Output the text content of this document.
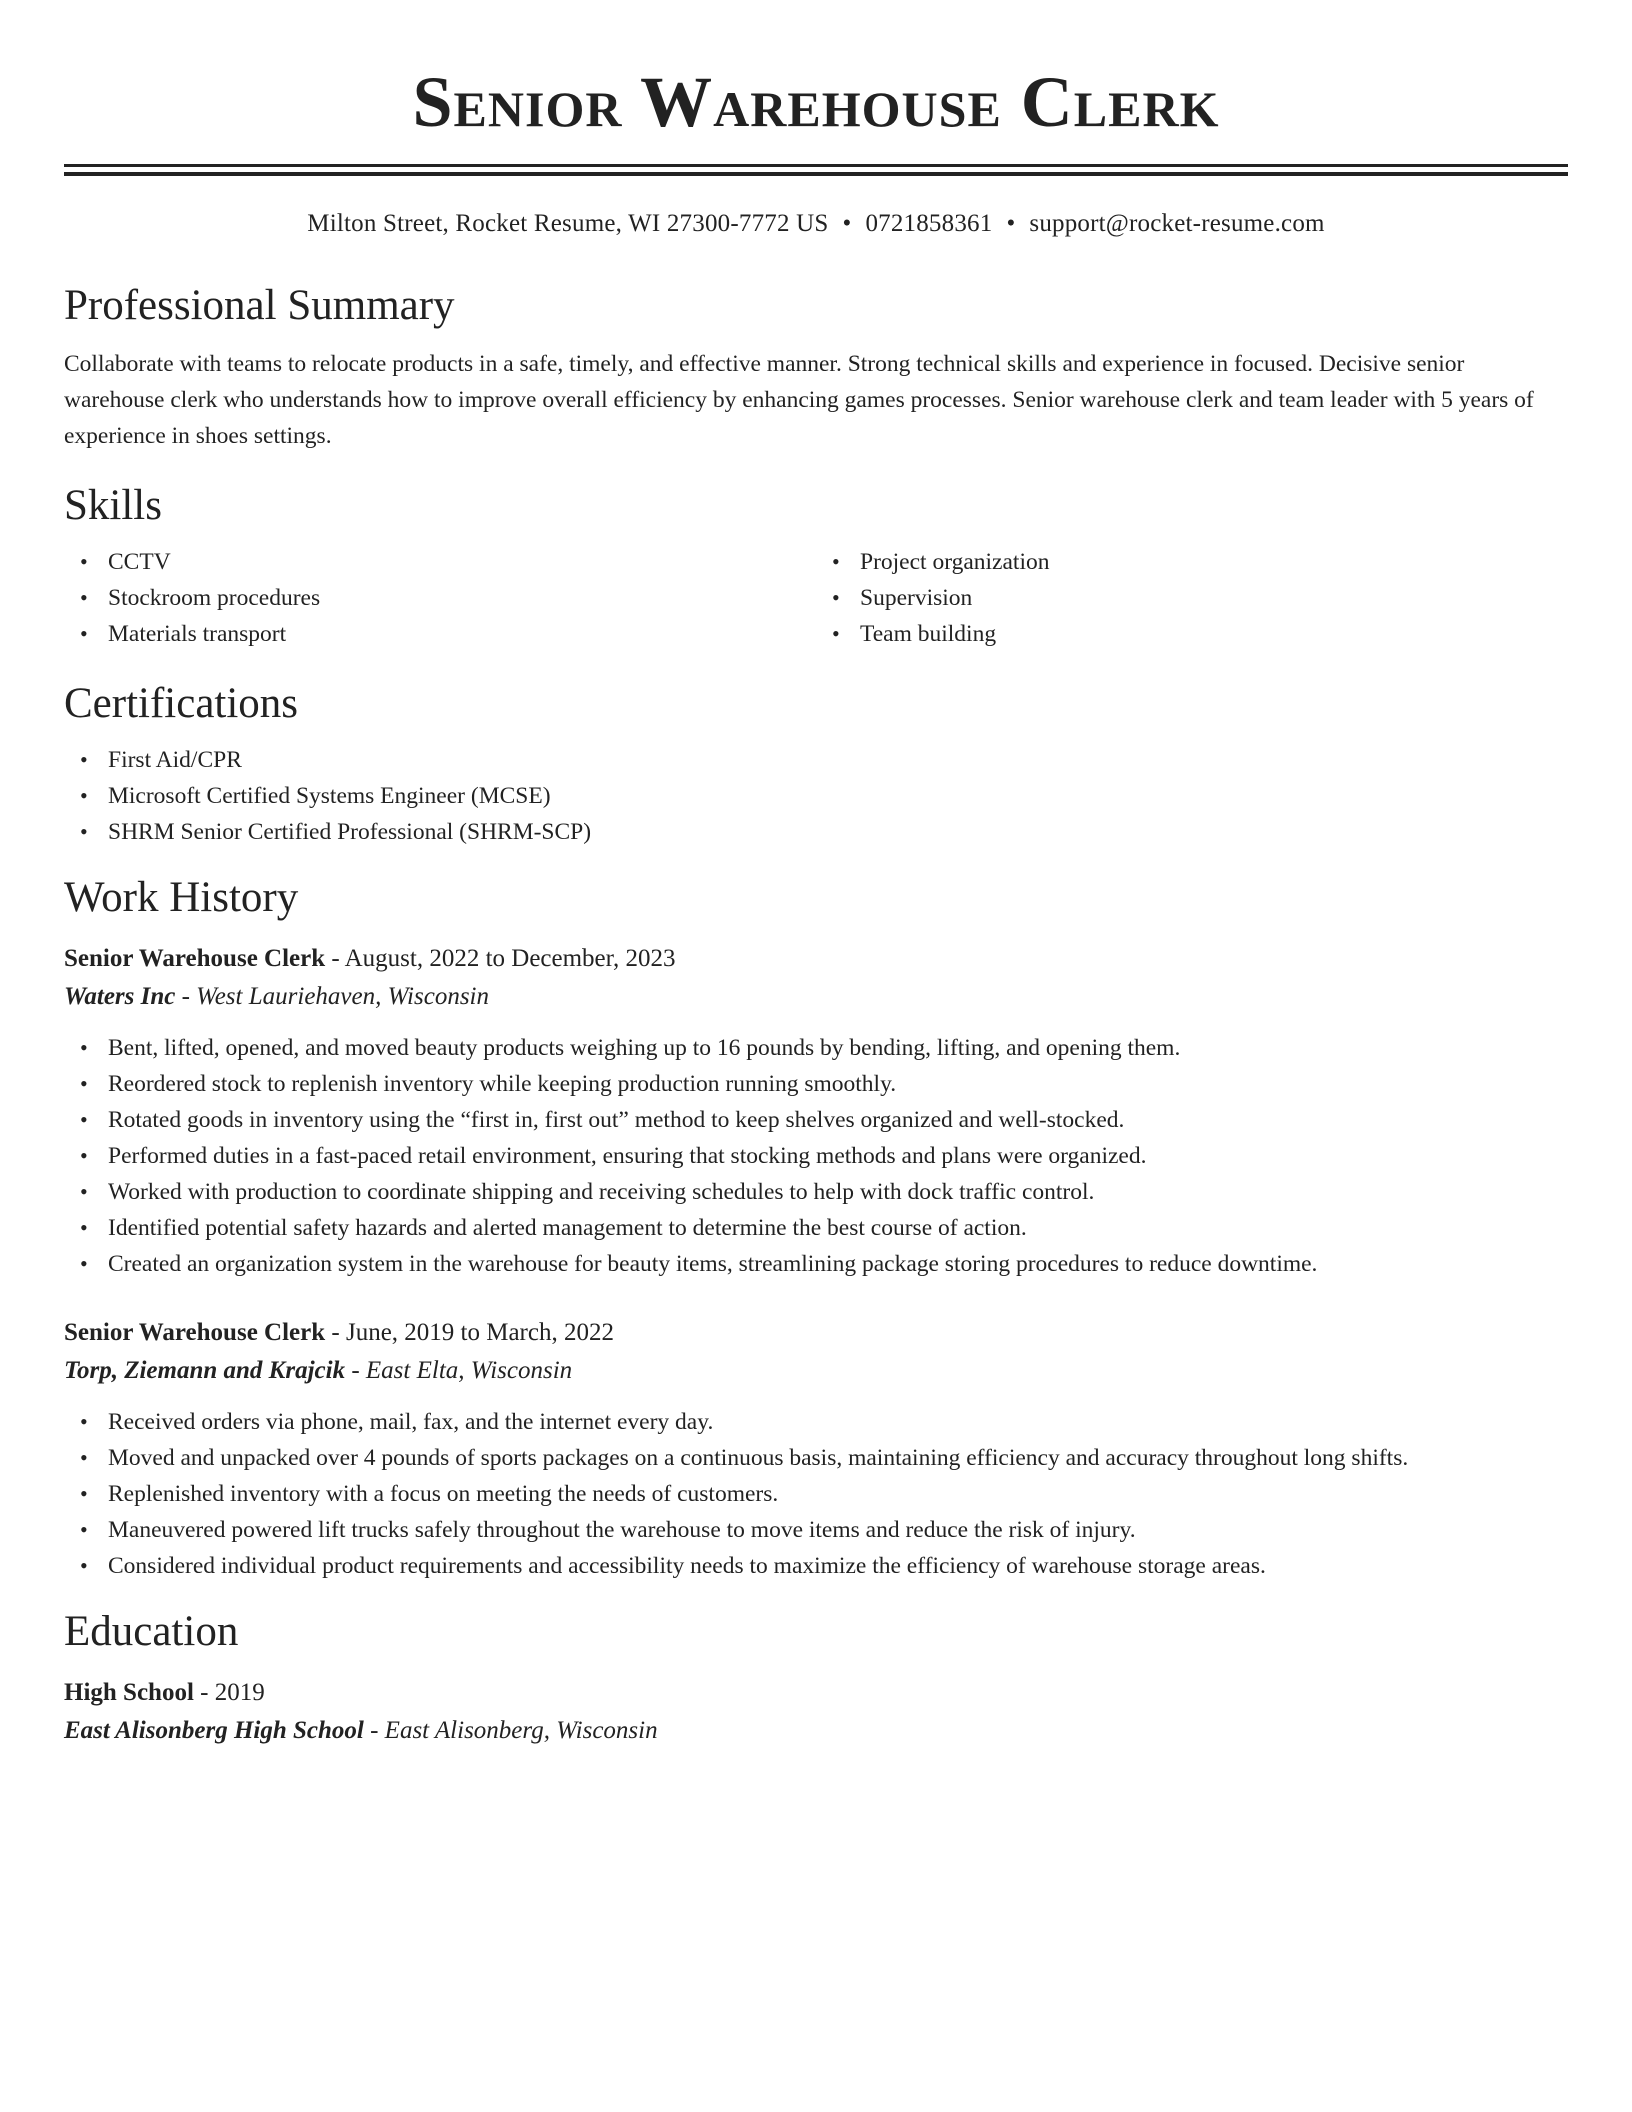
Senior Warehouse Clerk
Milton Street, Rocket Resume, WI 27300-7772 US • 0721858361 • support@rocket-resume.com
Professional Summary

Collaborate with teams to relocate products in a safe, timely, and effective manner. Strong technical skills and experience in focused. Decisive senior warehouse clerk who understands how to improve overall efficiency by enhancing games processes. Senior warehouse clerk and team leader with 5 years of experience in shoes settings.

Skills
• CCTV
• Stockroom procedures
• Materials transport
• Project organization
• Supervision
• Team building
Certifications
• First Aid/CPR
• Microsoft Certified Systems Engineer (MCSE)
• SHRM Senior Certified Professional (SHRM-SCP)
Work History
Senior Warehouse Clerk - August, 2022 to December, 2023
Waters Inc - West Lauriehaven, Wisconsin
• Bent, lifted, opened, and moved beauty products weighing up to 16 pounds by bending, lifting, and opening them.
• Reordered stock to replenish inventory while keeping production running smoothly.
• Rotated goods in inventory using the “first in, first out” method to keep shelves organized and well-stocked.
• Performed duties in a fast-paced retail environment, ensuring that stocking methods and plans were organized.
• Worked with production to coordinate shipping and receiving schedules to help with dock traffic control.
• Identified potential safety hazards and alerted management to determine the best course of action.
• Created an organization system in the warehouse for beauty items, streamlining package storing procedures to reduce downtime.
Senior Warehouse Clerk - June, 2019 to March, 2022
Torp, Ziemann and Krajcik - East Elta, Wisconsin
• Received orders via phone, mail, fax, and the internet every day.
• Moved and unpacked over 4 pounds of sports packages on a continuous basis, maintaining efficiency and accuracy throughout long shifts.
• Replenished inventory with a focus on meeting the needs of customers.
• Maneuvered powered lift trucks safely throughout the warehouse to move items and reduce the risk of injury.
• Considered individual product requirements and accessibility needs to maximize the efficiency of warehouse storage areas.
Education
High School - 2019
East Alisonberg High School - East Alisonberg, Wisconsin
